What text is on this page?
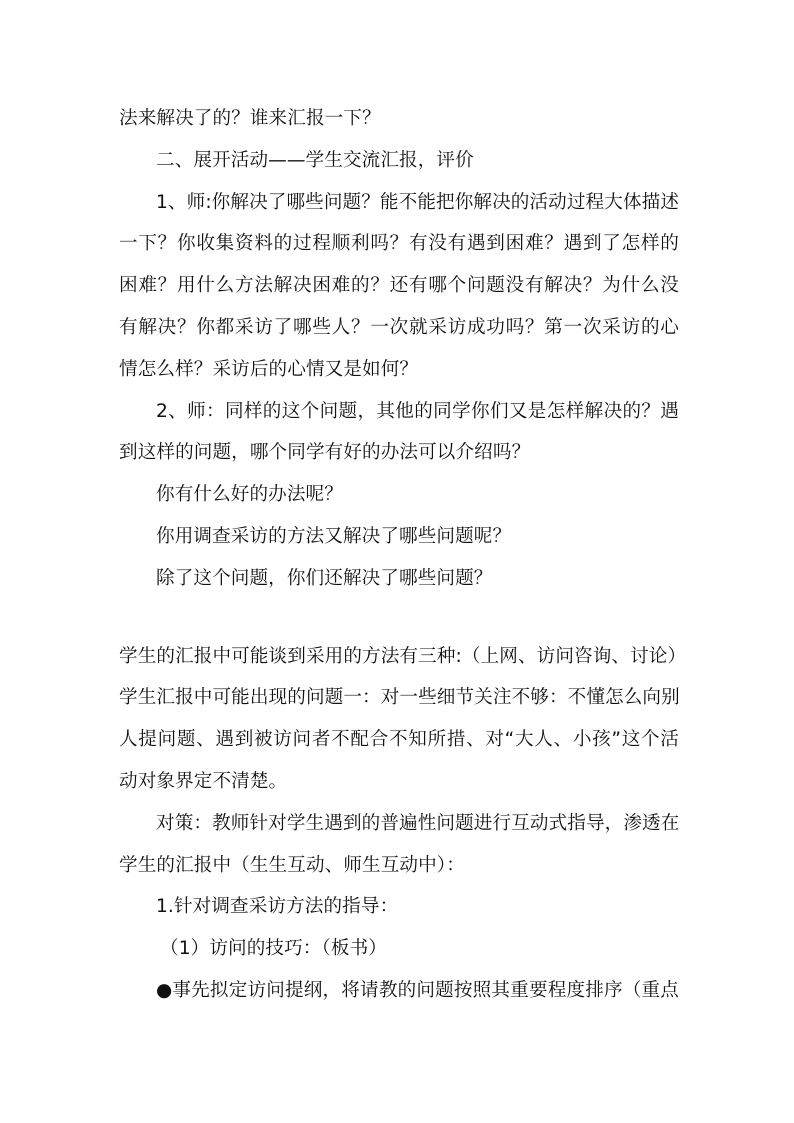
法来解决了的？谁来汇报一下？
二、展开活动——学生交流汇报，评价
1、师:你解决了哪些问题？能不能把你解决的活动过程大体描述
一下？你收集资料的过程顺利吗？有没有遇到困难？遇到了怎样的
困难？用什么方法解决困难的？还有哪个问题没有解决？为什么没
有解决？你都采访了哪些人？一次就采访成功吗？第一次采访的心
情怎么样？采访后的心情又是如何？
2、师：同样的这个问题，其他的同学你们又是怎样解决的？遇
到这样的问题，哪个同学有好的办法可以介绍吗？
你有什么好的办法呢？
你用调查采访的方法又解决了哪些问题呢？
除了这个问题，你们还解决了哪些问题？
学生的汇报中可能谈到采用的方法有三种:（上网、访问咨询、讨论）
学生汇报中可能出现的问题一：对一些细节关注不够：不懂怎么向别
人提问题、遇到被访问者不配合不知所措、对“大人、小孩”这个活
动对象界定不清楚。
对策：教师针对学生遇到的普遍性问题进行互动式指导，渗透在
学生的汇报中（生生互动、师生互动中）：
1.针对调查采访方法的指导：
（1）访问的技巧：（板书）
●事先拟定访问提纲，将请教的问题按照其重要程度排序（重点
